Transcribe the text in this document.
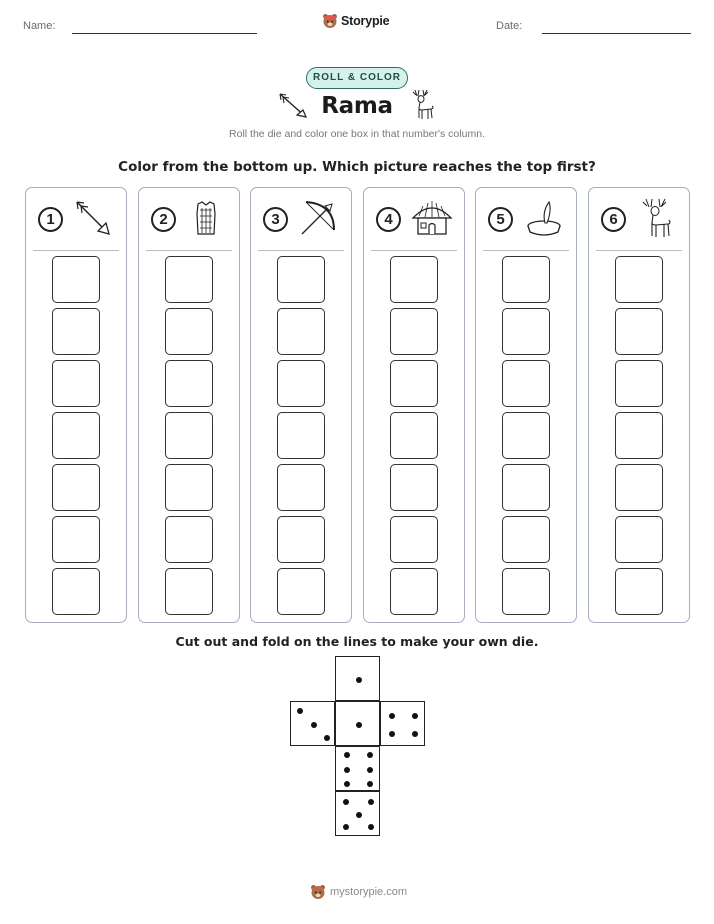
Name:	Storypie	Date:
ROLL & COLOR
Rama
Roll the die and color one box in that number's column.
Color from the bottom up. Which picture reaches the top first?
1	2	3	4	5	6
Cut out and fold on the lines to make your own die.
mystorypie.com
